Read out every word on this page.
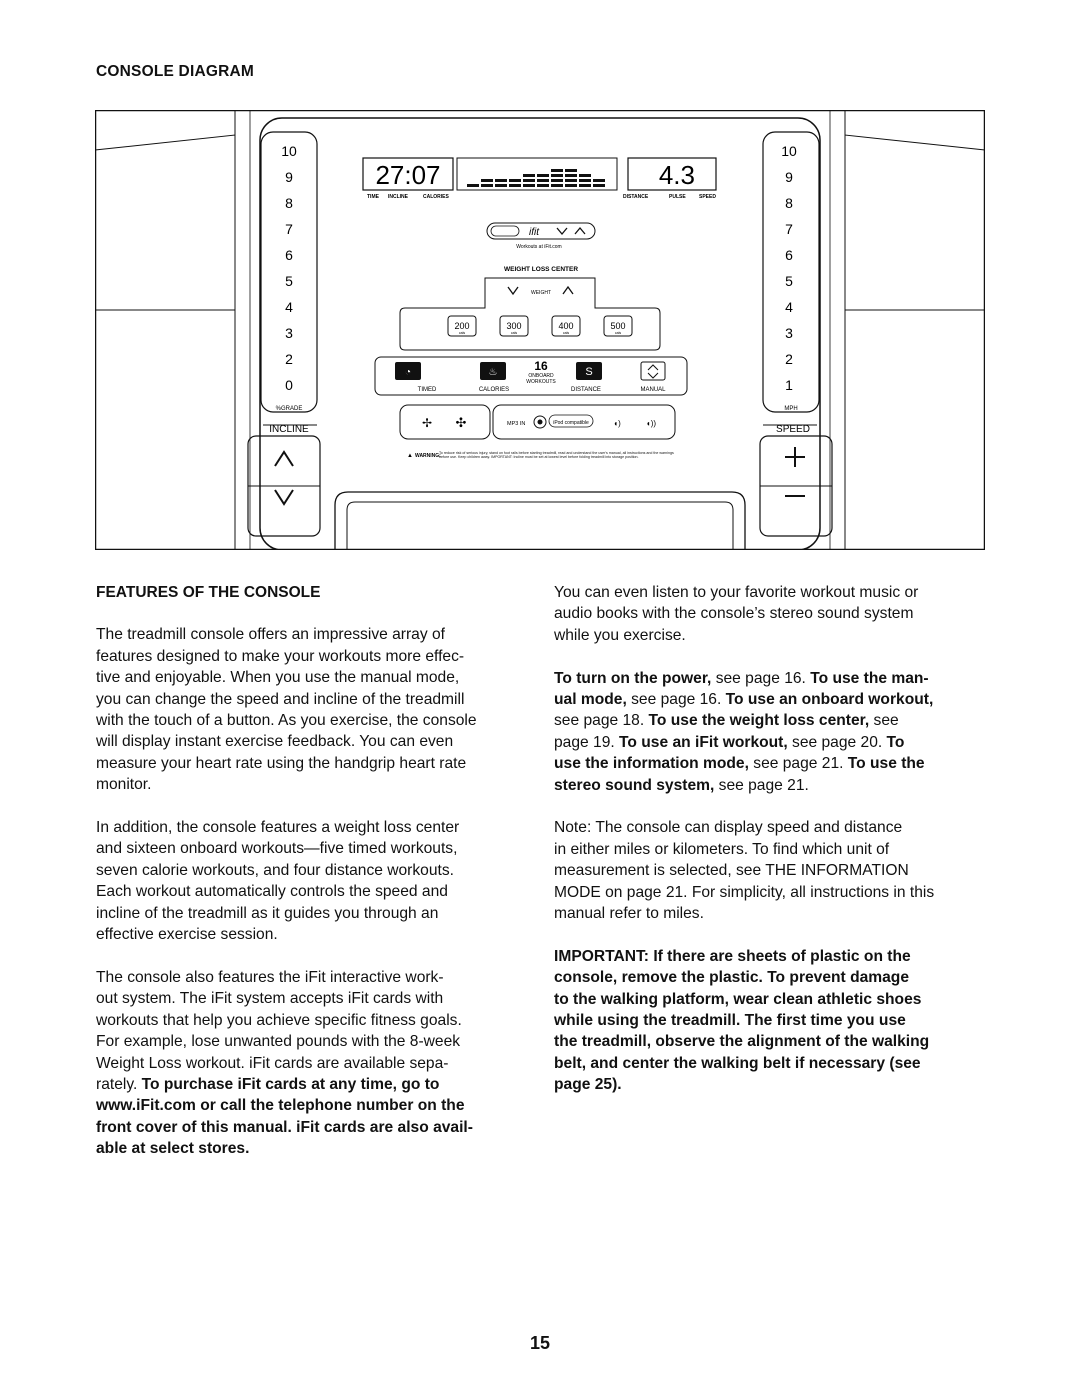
CONSOLE DIAGRAM
10
9
8
7
6
5
4
3
2
0
10
9
8
7
6
5
4
3
2
1
%GRADE	MPH
INCLINE	SPEED
27:07	4.3
TIME INCLINE	CALORIES	DISTANCE	PULSE	SPEED
ifit
Workouts at iFit.com
WEIGHT LOSS CENTER
WEIGHT
200
cals
300
cals
400
cals
500
cals
◔	♨	16
ONBOARD
WORKOUTS
S
TIMED	CALORIES	DISTANCE	MANUAL
✢ ✣	MP3 IN	iPod compatible	◖)	◖))
▲ WARNING:
To reduce risk of serious injury, stand on foot rails before starting treadmill, read and understand the user's manual, all instructions and the warnings before use. Keep children away. IMPORTANT: Incline must be set at lowest level before folding treadmill into storage position.
FEATURES OF THE CONSOLE

The treadmill console offers an impressive array of
features designed to make your workouts more effec-
tive and enjoyable. When you use the manual mode,
you can change the speed and incline of the treadmill
with the touch of a button. As you exercise, the console
will display instant exercise feedback. You can even
measure your heart rate using the handgrip heart rate
monitor.

In addition, the console features a weight loss center
and sixteen onboard workouts—five timed workouts,
seven calorie workouts, and four distance workouts.
Each workout automatically controls the speed and
incline of the treadmill as it guides you through an
effective exercise session.

The console also features the iFit interactive work-
out system. The iFit system accepts iFit cards with
workouts that help you achieve specific fitness goals.
For example, lose unwanted pounds with the 8-week
Weight Loss workout. iFit cards are available sepa-
rately. To purchase iFit cards at any time, go to
www.iFit.com or call the telephone number on the
front cover of this manual. iFit cards are also avail-
able at select stores.

You can even listen to your favorite workout music or
audio books with the console’s stereo sound system
while you exercise.

To turn on the power, see page 16. To use the man-
ual mode, see page 16. To use an onboard workout,
see page 18. To use the weight loss center, see
page 19. To use an iFit workout, see page 20. To
use the information mode, see page 21. To use the
stereo sound system, see page 21.

Note: The console can display speed and distance
in either miles or kilometers. To find which unit of
measurement is selected, see THE INFORMATION
MODE on page 21. For simplicity, all instructions in this
manual refer to miles.

IMPORTANT: If there are sheets of plastic on the
console, remove the plastic. To prevent damage
to the walking platform, wear clean athletic shoes
while using the treadmill. The first time you use
the treadmill, observe the alignment of the walking
belt, and center the walking belt if necessary (see
page 25).

15
